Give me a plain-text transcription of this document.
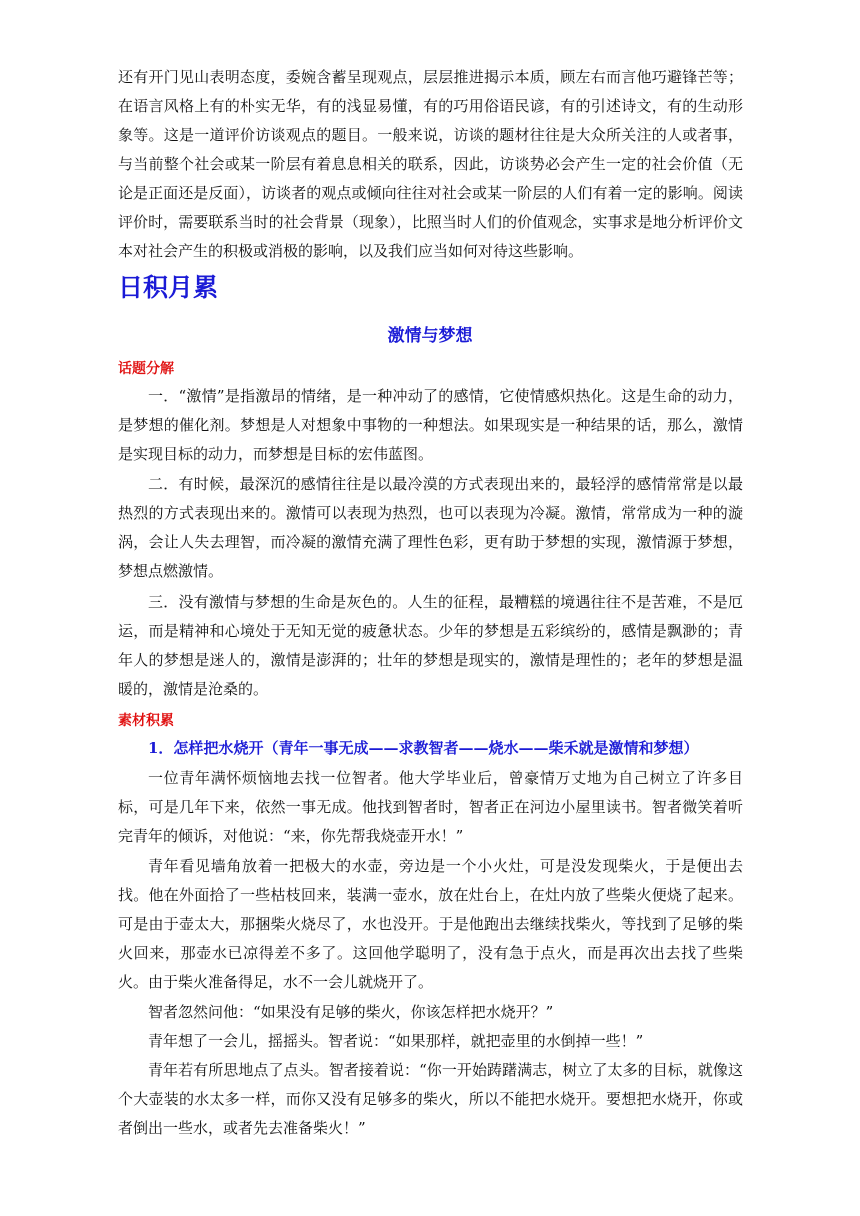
还有开门见山表明态度，委婉含蓄呈现观点，层层推进揭示本质，顾左右而言他巧避锋芒等；在语言风格上有的朴实无华，有的浅显易懂，有的巧用俗语民谚，有的引述诗文，有的生动形象等。这是一道评价访谈观点的题目。一般来说，访谈的题材往往是大众所关注的人或者事，与当前整个社会或某一阶层有着息息相关的联系，因此，访谈势必会产生一定的社会价值（无论是正面还是反面），访谈者的观点或倾向往往对社会或某一阶层的人们有着一定的影响。阅读评价时，需要联系当时的社会背景（现象），比照当时人们的价值观念，实事求是地分析评价文本对社会产生的积极或消极的影响，以及我们应当如何对待这些影响。

日积月累
激情与梦想
话题分解

一．“激情”是指激昂的情绪，是一种冲动了的感情，它使情感炽热化。这是生命的动力，是梦想的催化剂。梦想是人对想象中事物的一种想法。如果现实是一种结果的话，那么，激情是实现目标的动力，而梦想是目标的宏伟蓝图。

二．有时候，最深沉的感情往往是以最冷漠的方式表现出来的，最轻浮的感情常常是以最热烈的方式表现出来的。激情可以表现为热烈，也可以表现为冷凝。激情，常常成为一种的漩涡，会让人失去理智，而冷凝的激情充满了理性色彩，更有助于梦想的实现，激情源于梦想，梦想点燃激情。

三．没有激情与梦想的生命是灰色的。人生的征程，最糟糕的境遇往往不是苦难，不是厄运，而是精神和心境处于无知无觉的疲惫状态。少年的梦想是五彩缤纷的，感情是飘渺的；青年人的梦想是迷人的，激情是澎湃的；壮年的梦想是现实的，激情是理性的；老年的梦想是温暖的，激情是沧桑的。

素材积累

1．怎样把水烧开（青年一事无成——求教智者——烧水——柴禾就是激情和梦想）

一位青年满怀烦恼地去找一位智者。他大学毕业后，曾豪情万丈地为自己树立了许多目标，可是几年下来，依然一事无成。他找到智者时，智者正在河边小屋里读书。智者微笑着听完青年的倾诉，对他说：“来，你先帮我烧壶开水！”

青年看见墙角放着一把极大的水壶，旁边是一个小火灶，可是没发现柴火，于是便出去找。他在外面拾了一些枯枝回来，装满一壶水，放在灶台上，在灶内放了些柴火便烧了起来。可是由于壶太大，那捆柴火烧尽了，水也没开。于是他跑出去继续找柴火，等找到了足够的柴火回来，那壶水已凉得差不多了。这回他学聪明了，没有急于点火，而是再次出去找了些柴火。由于柴火准备得足，水不一会儿就烧开了。

智者忽然问他：“如果没有足够的柴火，你该怎样把水烧开？”

青年想了一会儿，摇摇头。智者说：“如果那样，就把壶里的水倒掉一些！”

青年若有所思地点了点头。智者接着说：“你一开始踌躇满志，树立了太多的目标，就像这个大壶装的水太多一样，而你又没有足够多的柴火，所以不能把水烧开。要想把水烧开，你或者倒出一些水，或者先去准备柴火！”
